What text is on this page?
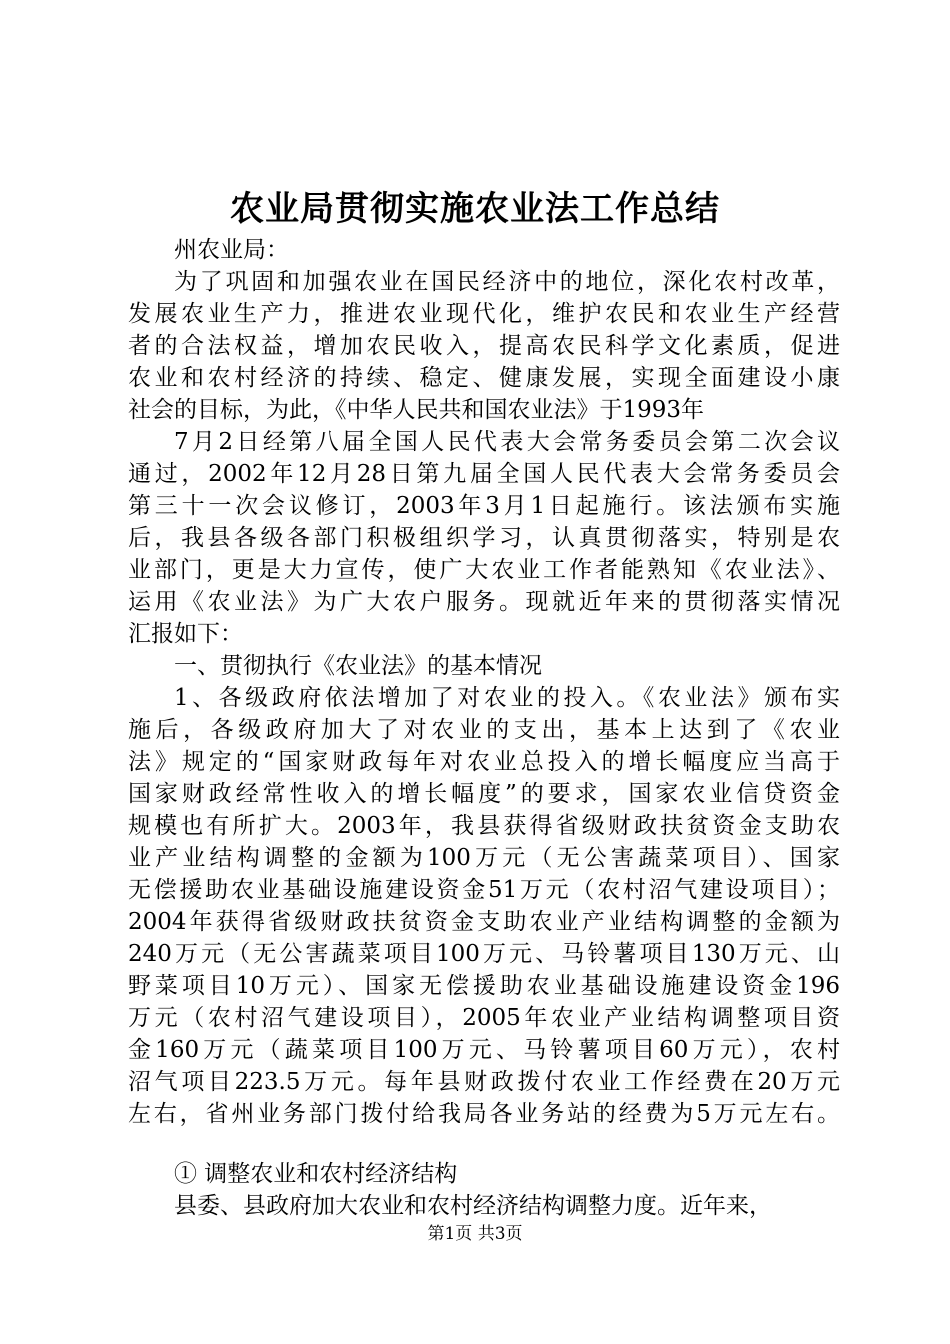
农业局贯彻实施农业法工作总结
州农业局：
为了巩固和加强农业在国民经济中的地位，深化农村改革，
发展农业生产力，推进农业现代化，维护农民和农业生产经营
者的合法权益，增加农民收入，提高农民科学文化素质，促进
农业和农村经济的持续、稳定、健康发展，实现全面建设小康
社会的目标，为此，《中华人民共和国农业法》于1993年
7月2日经第八届全国人民代表大会常务委员会第二次会议
通过，2002年12月28日第九届全国人民代表大会常务委员会
第三十一次会议修订，2003年3月1日起施行。该法颁布实施
后，我县各级各部门积极组织学习，认真贯彻落实，特别是农
业部门，更是大力宣传，使广大农业工作者能熟知《农业法》、
运用《农业法》为广大农户服务。现就近年来的贯彻落实情况
汇报如下：
一、贯彻执行《农业法》的基本情况
1、各级政府依法增加了对农业的投入。《农业法》颁布实
施后，各级政府加大了对农业的支出，基本上达到了《农业
法》规定的“国家财政每年对农业总投入的增长幅度应当高于
国家财政经常性收入的增长幅度”的要求，国家农业信贷资金
规模也有所扩大。2003年，我县获得省级财政扶贫资金支助农
业产业结构调整的金额为100万元（无公害蔬菜项目）、国家
无偿援助农业基础设施建设资金51万元（农村沼气建设项目）；
2004年获得省级财政扶贫资金支助农业产业结构调整的金额为
240万元（无公害蔬菜项目100万元、马铃薯项目130万元、山
野菜项目10万元）、国家无偿援助农业基础设施建设资金196
万元（农村沼气建设项目），2005年农业产业结构调整项目资
金160万元（蔬菜项目100万元、马铃薯项目60万元），农村
沼气项目223.5万元。每年县财政拨付农业工作经费在20万元
左右，省州业务部门拨付给我局各业务站的经费为5万元左右。
① 调整农业和农村经济结构
县委、县政府加大农业和农村经济结构调整力度。近年来，
第1页 共3页
